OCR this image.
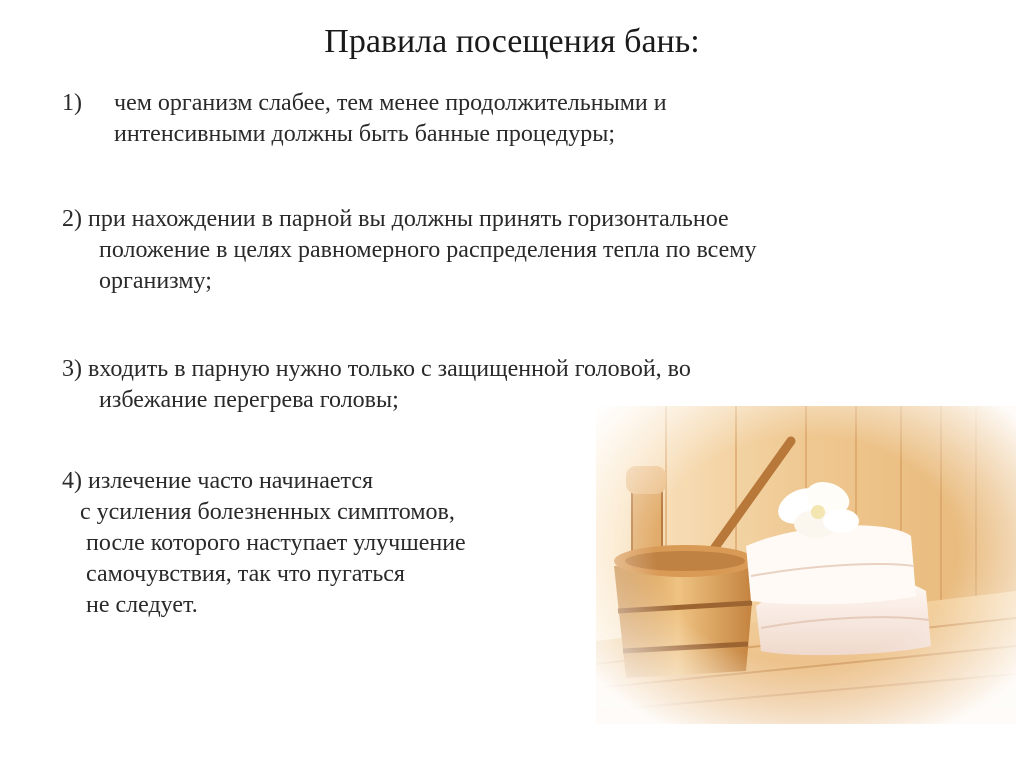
Правила посещения бань:
1) чем организм слабее, тем менее продолжительными и
интенсивными должны быть банные процедуры;
2) при нахождении в парной вы должны принять горизонтальное
положение в целях равномерного распределения тепла по всему
организму;
3) входить в парную нужно только с защищенной головой, во
избежание перегрева головы;
4) излечение часто начинается
с усиления болезненных симптомов,
после которого наступает улучшение
самочувствия, так что пугаться
не следует.
